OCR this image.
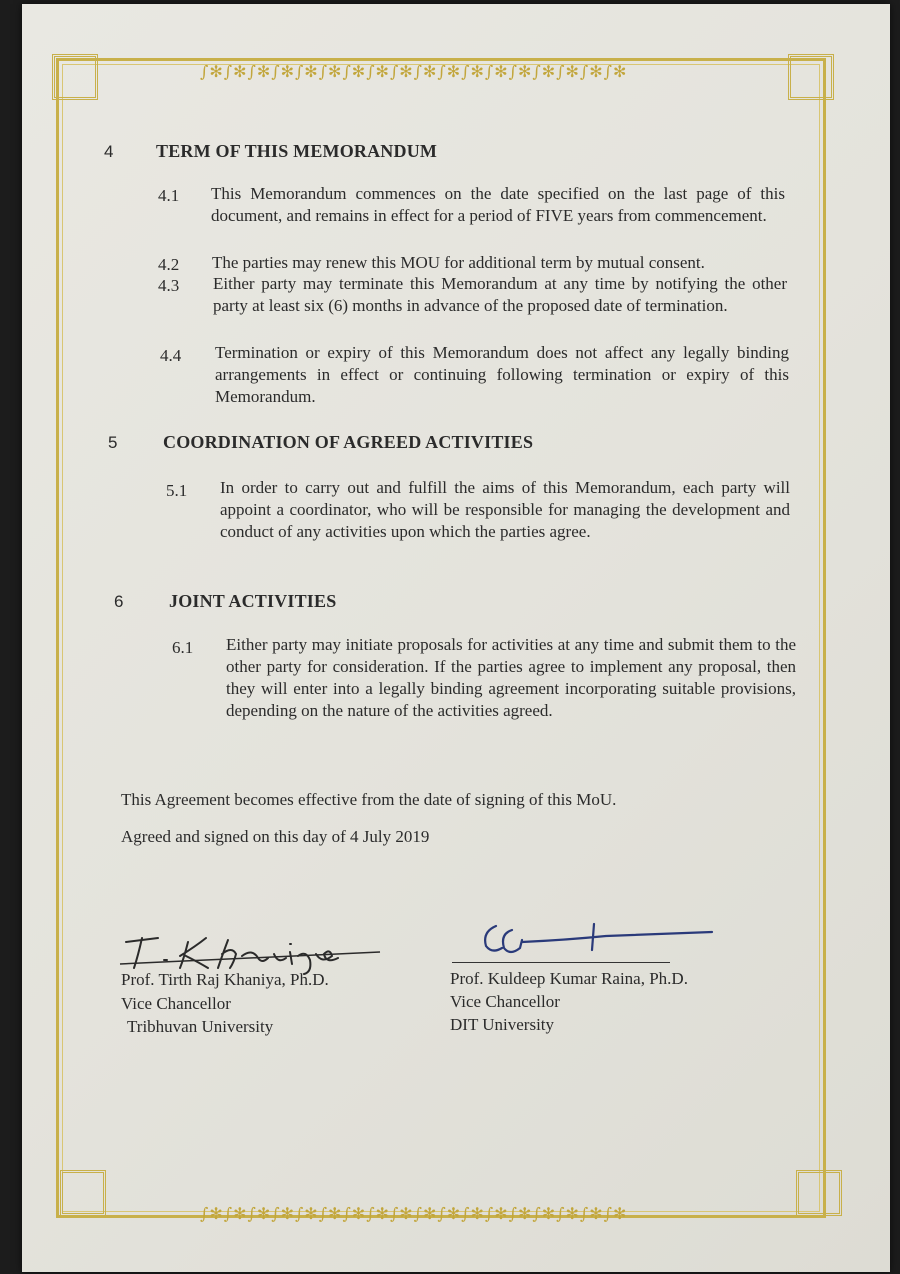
∫✻∫✻∫✻∫✻∫✻∫✻∫✻∫✻∫✻∫✻∫✻∫✻∫✻∫✻∫✻∫✻∫✻∫✻
∫✻∫✻∫✻∫✻∫✻∫✻∫✻∫✻∫✻∫✻∫✻∫✻∫✻∫✻∫✻∫✻∫✻∫✻
4 TERM OF THIS MEMORANDUM
4.1 This Memorandum commences on the date specified on the last page of this document, and remains in effect for a period of FIVE years from commencement.
4.2 The parties may renew this MOU for additional term by mutual consent.
4.3 Either party may terminate this Memorandum at any time by notifying the other party at least six (6) months in advance of the proposed date of termination.
4.4 Termination or expiry of this Memorandum does not affect any legally binding arrangements in effect or continuing following termination or expiry of this Memorandum.
5	COORDINATION OF AGREED ACTIVITIES
5.1 In order to carry out and fulfill the aims of this Memorandum, each party will appoint a coordinator, who will be responsible for managing the development and conduct of any activities upon which the parties agree.
6	JOINT ACTIVITIES
6.1 Either party may initiate proposals for activities at any time and submit them to the other party for consideration. If the parties agree to implement any proposal, then they will enter into a legally binding agreement incorporating suitable provisions, depending on the nature of the activities agreed.
This Agreement becomes effective from the date of signing of this MoU.
Agreed and signed on this day of 4 July 2019
Prof. Tirth Raj Khaniya, Ph.D.
Vice Chancellor
Tribhuvan University
Prof. Kuldeep Kumar Raina, Ph.D.
Vice Chancellor
DIT University
